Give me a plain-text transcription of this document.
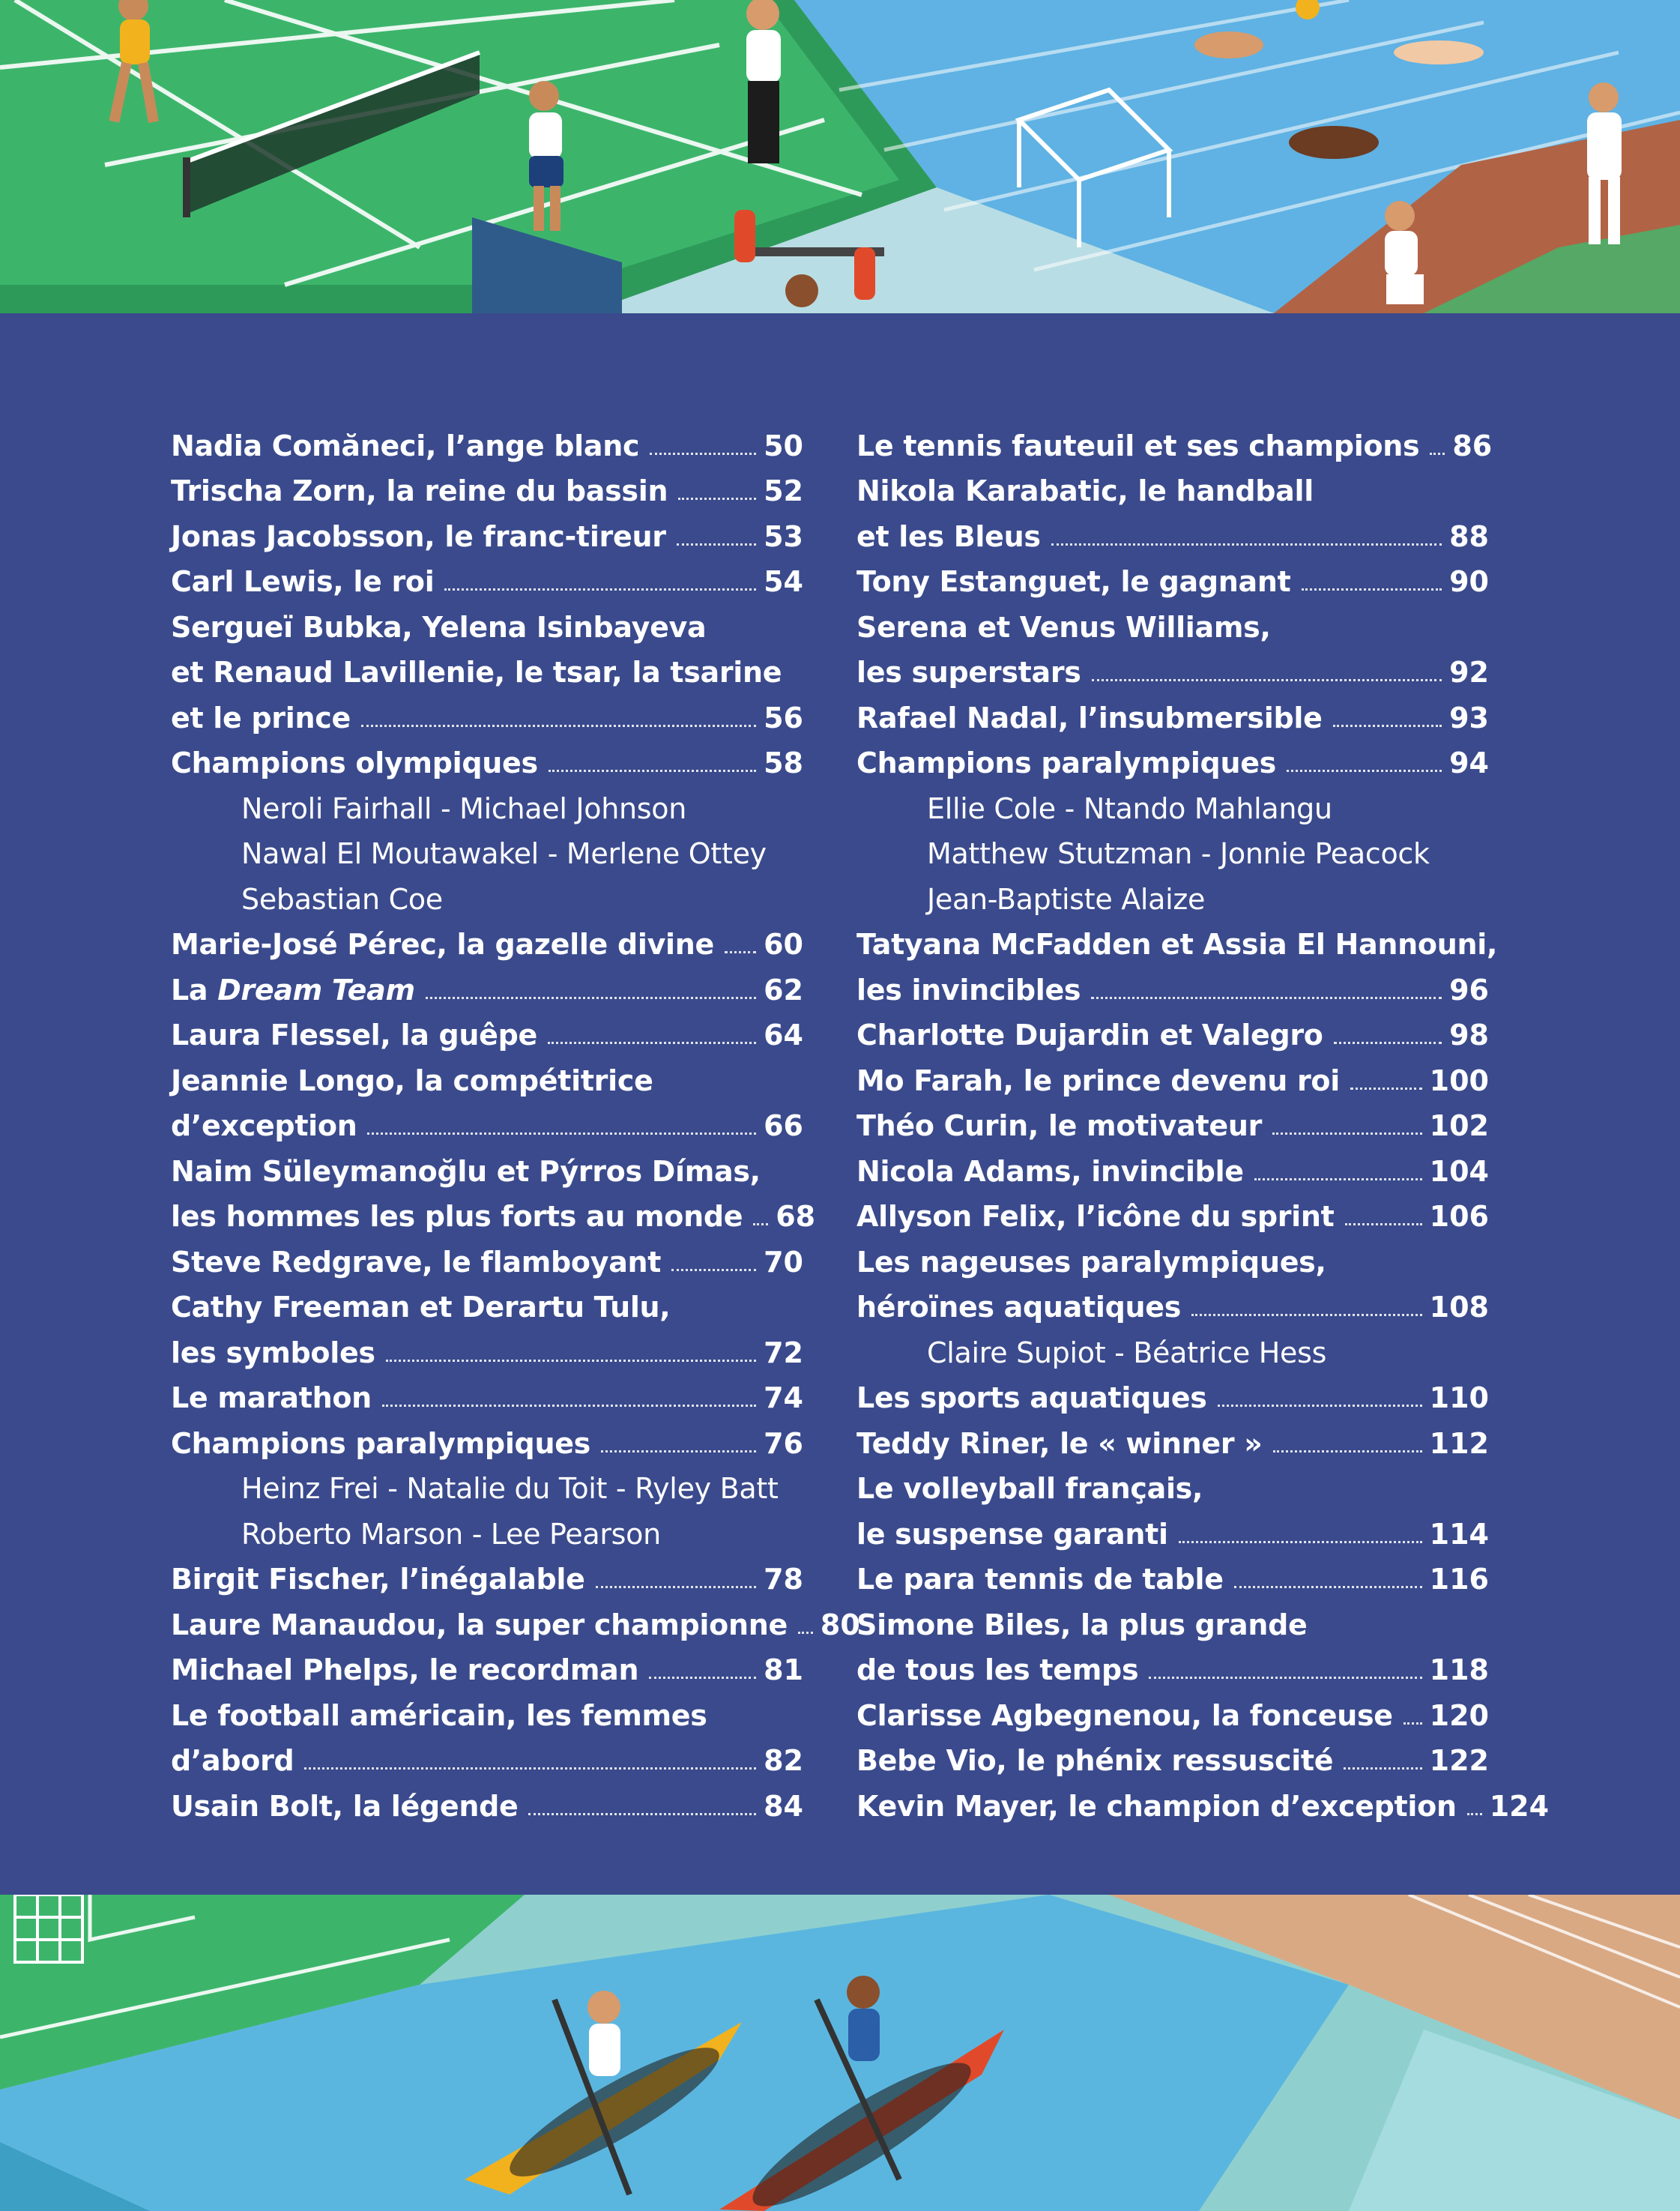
Nadia Comăneci, l’ange blanc	50
Trischa Zorn, la reine du bassin	52
Jonas Jacobsson, le franc-tireur	53
Carl Lewis, le roi	54
Sergueï Bubka, Yelena Isinbayeva
et Renaud Lavillenie, le tsar, la tsarine
et le prince	56
Champions olympiques	58
Neroli Fairhall - Michael Johnson
Nawal El Moutawakel - Merlene Ottey
Sebastian Coe
Marie-José Pérec, la gazelle divine 60
La Dream Team	62
Laura Flessel, la guêpe	64
Jeannie Longo, la compétitrice
d’exception	66
Naim Süleymanoğlu et Pýrros Dímas,
les hommes les plus forts au monde 68
Steve Redgrave, le flamboyant	70
Cathy Freeman et Derartu Tulu,
les symboles	72
Le marathon	74
Champions paralympiques	76
Heinz Frei - Natalie du Toit - Ryley Batt
Roberto Marson - Lee Pearson
Birgit Fischer, l’inégalable	78
Laure Manaudou, la super championne 80
Michael Phelps, le recordman	81
Le football américain, les femmes
d’abord	82
Usain Bolt, la légende	84
Le tennis fauteuil et ses champions 86
Nikola Karabatic, le handball
et les Bleus	88
Tony Estanguet, le gagnant	90
Serena et Venus Williams,
les superstars	92
Rafael Nadal, l’insubmersible	93
Champions paralympiques	94
Ellie Cole - Ntando Mahlangu
Matthew Stutzman - Jonnie Peacock
Jean-Baptiste Alaize
Tatyana McFadden et Assia El Hannouni,
les invincibles	96
Charlotte Dujardin et Valegro	98
Mo Farah, le prince devenu roi	100
Théo Curin, le motivateur	102
Nicola Adams, invincible	104
Allyson Felix, l’icône du sprint	106
Les nageuses paralympiques,
héroïnes aquatiques	108
Claire Supiot - Béatrice Hess
Les sports aquatiques	110
Teddy Riner, le « winner »	112
Le volleyball français,
le suspense garanti	114
Le para tennis de table	116
Simone Biles, la plus grande
de tous les temps	118
Clarisse Agbegnenou, la fonceuse 120
Bebe Vio, le phénix ressuscité	122
Kevin Mayer, le champion d’exception 124
